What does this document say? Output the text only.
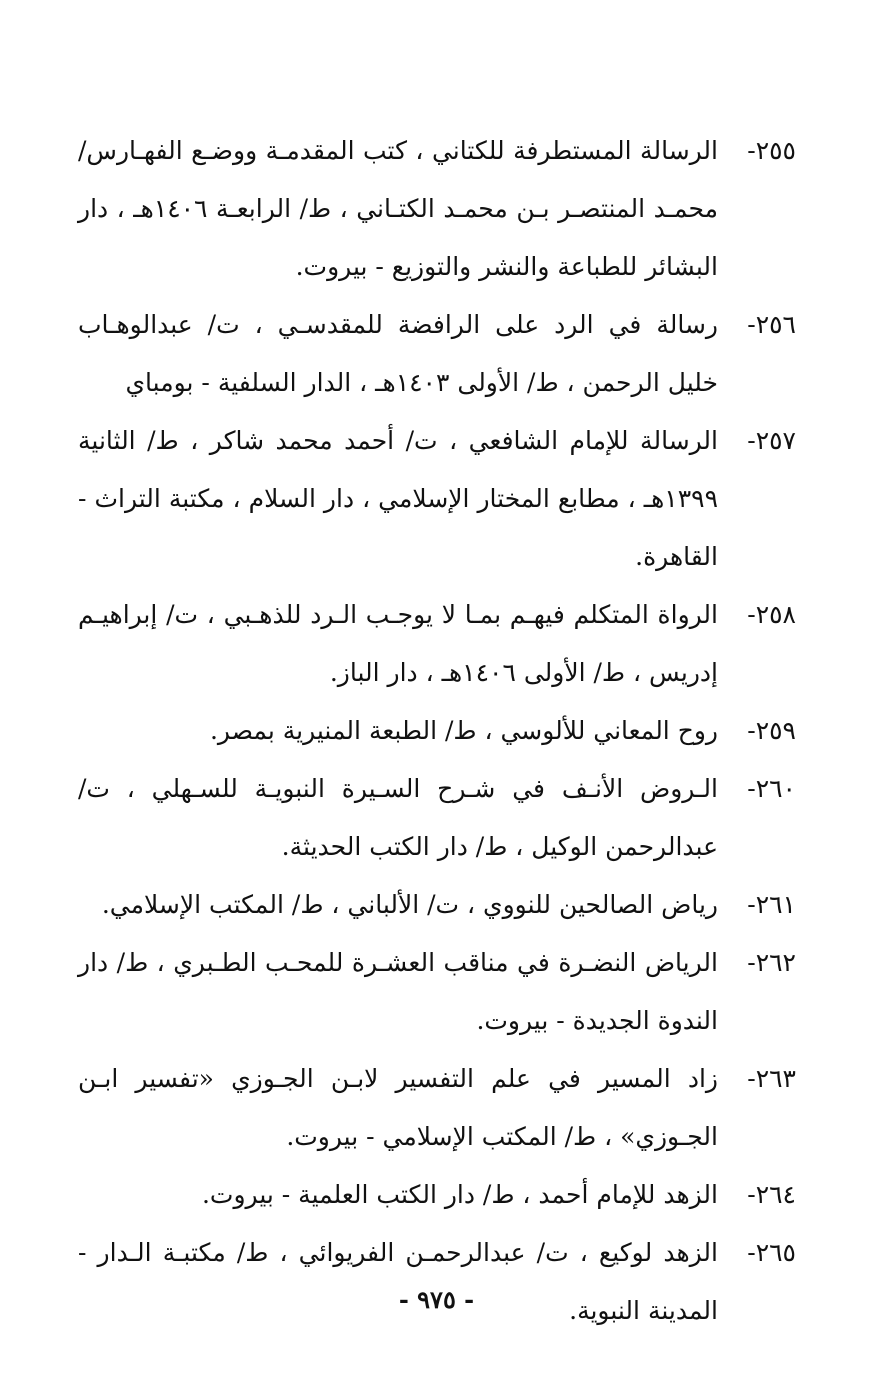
٢٥٥-
الرسالة المستطرفة للكتاني ، كتب المقدمـة ووضـع الفهـارس/ محمـد المنتصـر بـن محمـد الكتـاني ، ط/ الرابعـة ١٤٠٦هـ ، دار البشائر للطباعة والنشر والتوزيع - بيروت.
٢٥٦-
رسالة في الرد على الرافضة للمقدسـي ، ت/ عبدالوهـاب خليل الرحمن ، ط/ الأولى ١٤٠٣هـ ، الدار السلفية - بومباي
٢٥٧-
الرسالة للإمام الشافعي ، ت/ أحمد محمد شاكر ، ط/ الثانية ١٣٩٩هـ ، مطابع المختار الإسلامي ، دار السلام ، مكتبة التراث - القاهرة.
٢٥٨-
الرواة المتكلم فيهـم بمـا لا يوجـب الـرد للذهـبي ، ت/ إبراهيـم إدريس ، ط/ الأولى ١٤٠٦هـ ، دار الباز.
٢٥٩-
روح المعاني للألوسي ، ط/ الطبعة المنيرية بمصر.
٢٦٠-
الـروض الأنـف في شـرح السـيرة النبويـة للسـهلي ، ت/ عبدالرحمن الوكيل ، ط/ دار الكتب الحديثة.
٢٦١-
رياض الصالحين للنووي ، ت/ الألباني ، ط/ المكتب الإسلامي.
٢٦٢-
الرياض النضـرة في مناقب العشـرة للمحـب الطـبري ، ط/ دار الندوة الجديدة - بيروت.
٢٦٣-
زاد المسير في علم التفسير لابـن الجـوزي «تفسير ابـن الجـوزي» ، ط/ المكتب الإسلامي - بيروت.
٢٦٤-
الزهد للإمام أحمد ، ط/ دار الكتب العلمية - بيروت.
٢٦٥-
الزهد لوكيع ، ت/ عبدالرحمـن الفريوائي ، ط/ مكتبـة الـدار - المدينة النبوية.
- ٩٧٥ -
